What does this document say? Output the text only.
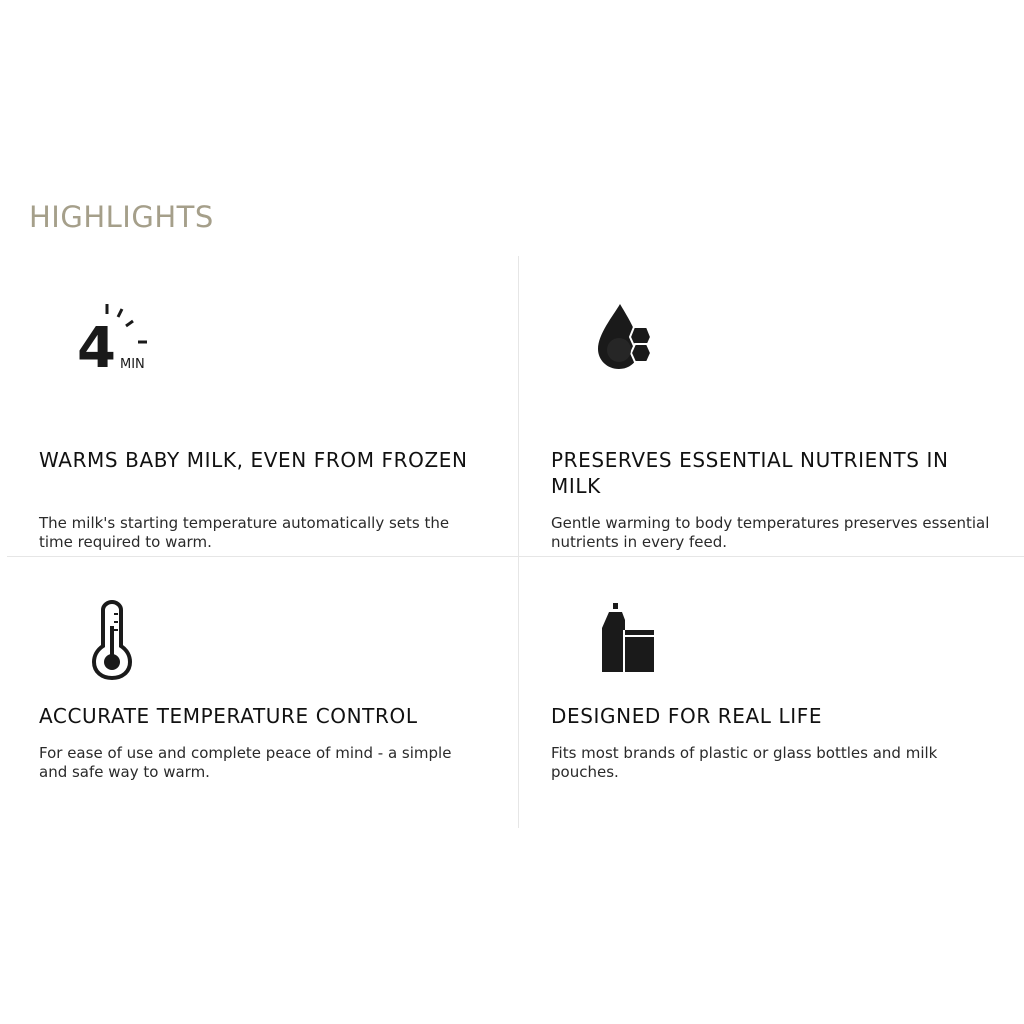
HIGHLIGHTS
4 MIN
WARMS BABY MILK, EVEN FROM FROZEN

The milk's starting temperature automatically sets the time required to warm.

PRESERVES ESSENTIAL NUTRIENTS IN MILK

Gentle warming to body temperatures preserves essential nutrients in every feed.

ACCURATE TEMPERATURE CONTROL

For ease of use and complete peace of mind - a simple and safe way to warm.

DESIGNED FOR REAL LIFE

Fits most brands of plastic or glass bottles and milk pouches.
